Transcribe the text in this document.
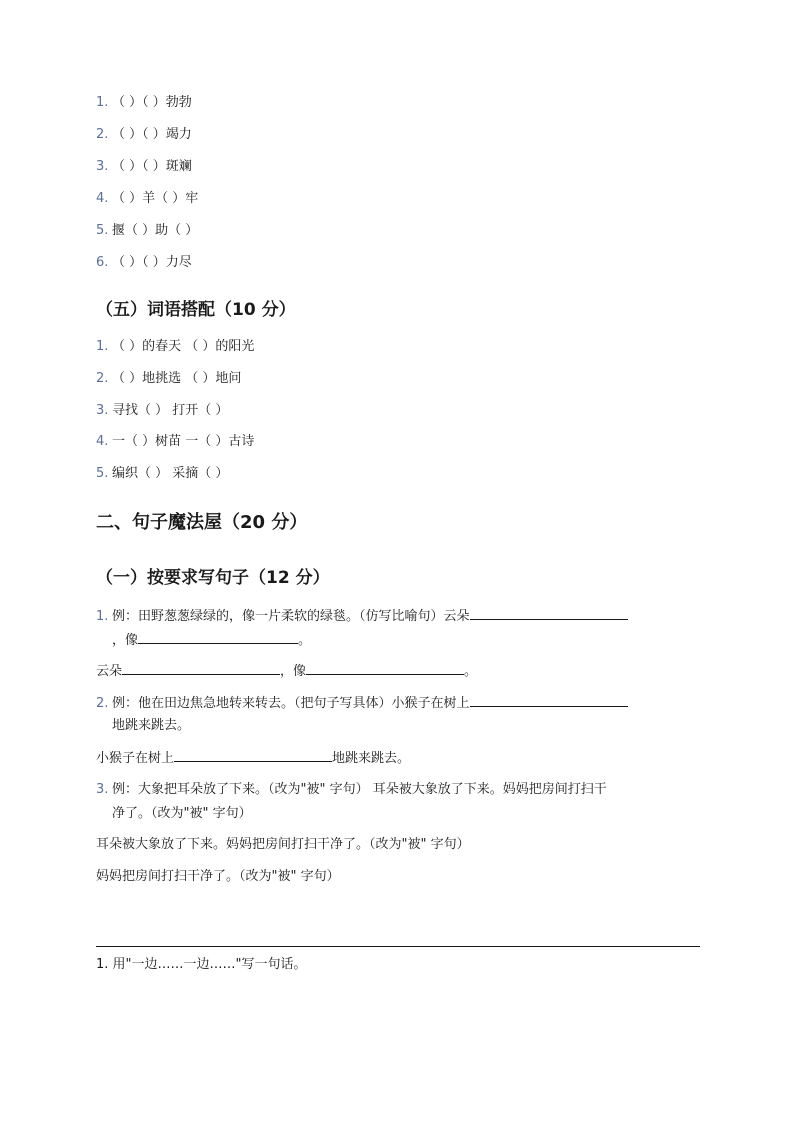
1. （ ）（ ）勃勃
2. （ ）（ ）竭力
3. （ ）（ ）斑斓
4. （ ）羊（ ）牢
5. 揠（ ）助（ ）
6. （ ）（ ）力尽
（五）词语搭配（10 分）
1. （ ）的春天 （ ）的阳光
2. （ ）地挑选 （ ）地问
3. 寻找（ ） 打开（ ）
4. 一（ ）树苗 一（ ）古诗
5. 编织（ ） 采摘（ ）
二、句子魔法屋（20 分）
（一）按要求写句子（12 分）
1. 例：田野葱葱绿绿的，像一片柔软的绿毯。（仿写比喻句）云朵
，像	。
云朵	，像	。
2. 例：他在田边焦急地转来转去。（把句子写具体）小猴子在树上
地跳来跳去。
小猴子在树上	地跳来跳去。
3. 例：大象把耳朵放了下来。（改为"被" 字句） 耳朵被大象放了下来。妈妈把房间打扫干
净了。（改为"被" 字句）
耳朵被大象放了下来。妈妈把房间打扫干净了。（改为"被" 字句）
妈妈把房间打扫干净了。（改为"被" 字句）
1. 用"一边……一边……"写一句话。
